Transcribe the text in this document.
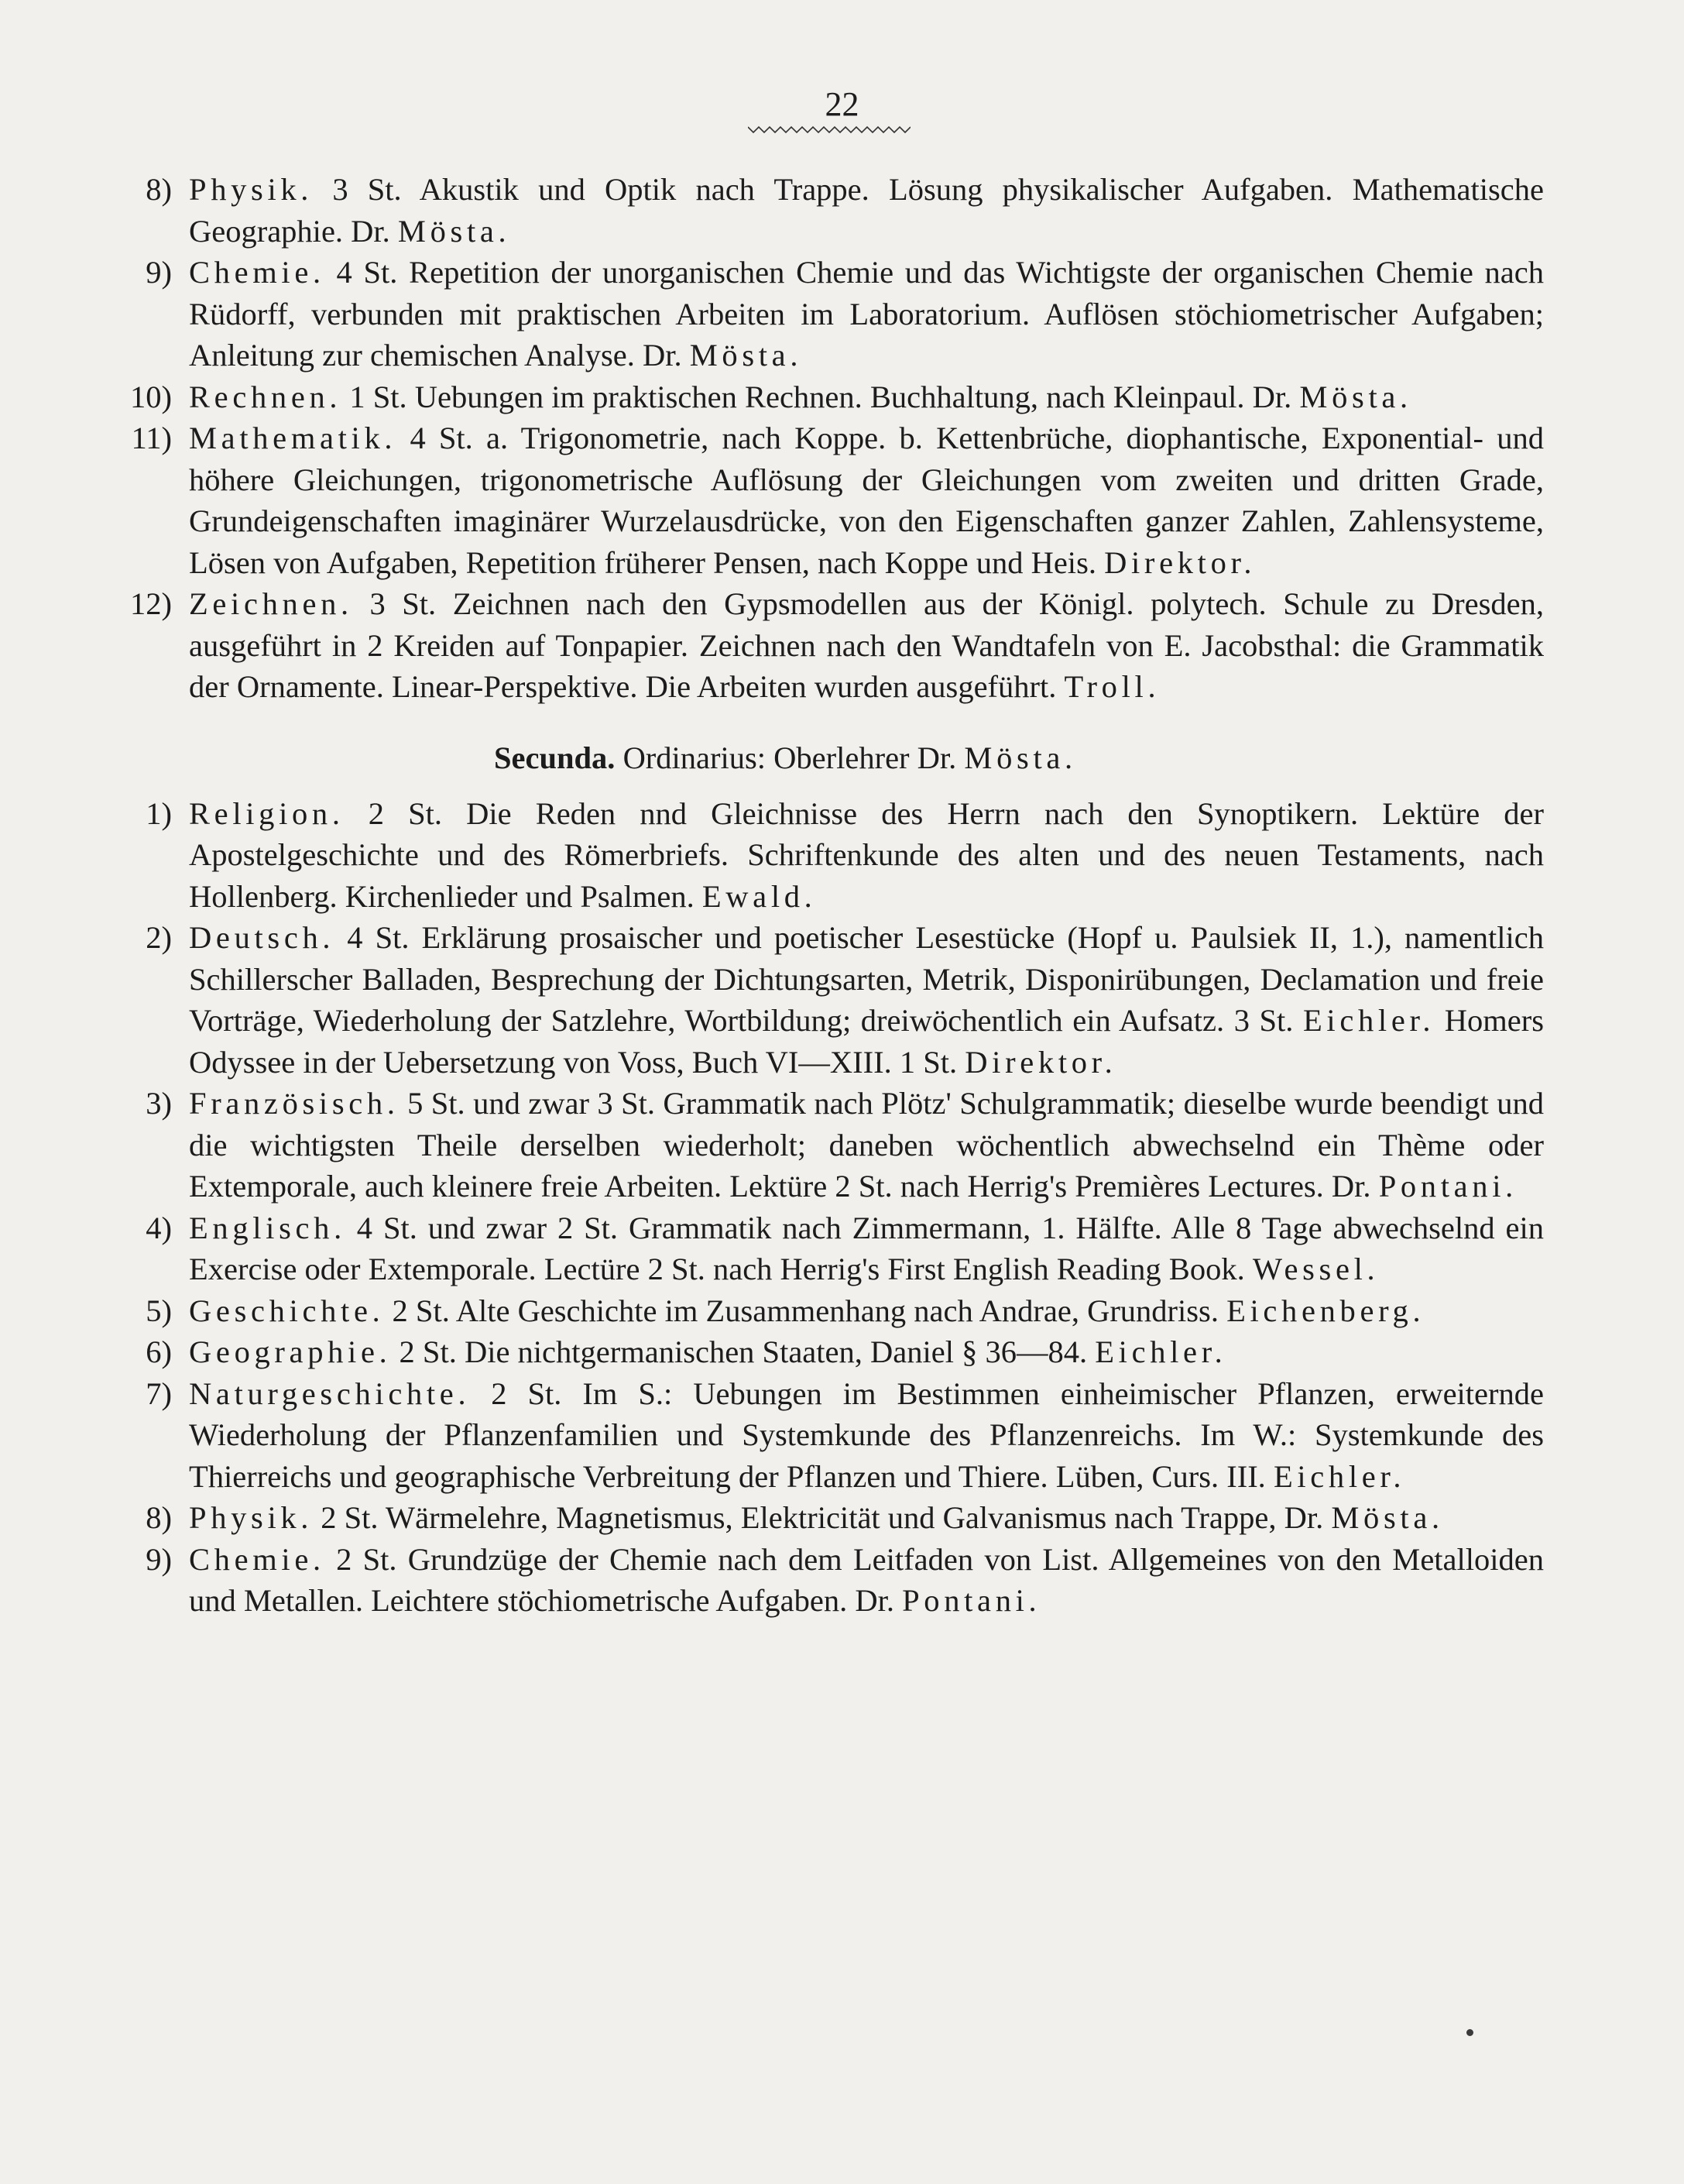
22
8) Physik. 3 St. Akustik und Optik nach Trappe. Lösung physikalischer Aufgaben. Mathematische Geographie. Dr. Mösta.
9) Chemie. 4 St. Repetition der unorganischen Chemie und das Wichtigste der organischen Chemie nach Rüdorff, verbunden mit praktischen Arbeiten im Laboratorium. Auflösen stöchiometrischer Aufgaben; Anleitung zur chemischen Analyse. Dr. Mösta.
10) Rechnen. 1 St. Uebungen im praktischen Rechnen. Buchhaltung, nach Kleinpaul. Dr. Mösta.
11) Mathematik. 4 St. a. Trigonometrie, nach Koppe. b. Kettenbrüche, diophantische, Exponential- und höhere Gleichungen, trigonometrische Auflösung der Gleichungen vom zweiten und dritten Grade, Grundeigenschaften imaginärer Wurzelausdrücke, von den Eigenschaften ganzer Zahlen, Zahlensysteme, Lösen von Aufgaben, Repetition früherer Pensen, nach Koppe und Heis. Direktor.
12) Zeichnen. 3 St. Zeichnen nach den Gypsmodellen aus der Königl. polytech. Schule zu Dresden, ausgeführt in 2 Kreiden auf Tonpapier. Zeichnen nach den Wandtafeln von E. Jacobsthal: die Grammatik der Ornamente. Linear-Perspektive. Die Arbeiten wurden ausgeführt. Troll.
Secunda. Ordinarius: Oberlehrer Dr. Mösta.
1) Religion. 2 St. Die Reden nnd Gleichnisse des Herrn nach den Synoptikern. Lektüre der Apostelgeschichte und des Römerbriefs. Schriftenkunde des alten und des neuen Testaments, nach Hollenberg. Kirchenlieder und Psalmen. Ewald.
2) Deutsch. 4 St. Erklärung prosaischer und poetischer Lesestücke (Hopf u. Paulsiek II, 1.), namentlich Schillerscher Balladen, Besprechung der Dichtungsarten, Metrik, Disponirübungen, Declamation und freie Vorträge, Wiederholung der Satzlehre, Wortbildung; dreiwöchentlich ein Aufsatz. 3 St. Eichler. Homers Odyssee in der Uebersetzung von Voss, Buch VI—XIII. 1 St. Direktor.
3) Französisch. 5 St. und zwar 3 St. Grammatik nach Plötz' Schulgrammatik; dieselbe wurde beendigt und die wichtigsten Theile derselben wiederholt; daneben wöchentlich abwechselnd ein Thème oder Extemporale, auch kleinere freie Arbeiten. Lektüre 2 St. nach Herrig's Premières Lectures. Dr. Pontani.
4) Englisch. 4 St. und zwar 2 St. Grammatik nach Zimmermann, 1. Hälfte. Alle 8 Tage abwechselnd ein Exercise oder Extemporale. Lectüre 2 St. nach Herrig's First English Reading Book. Wessel.
5) Geschichte. 2 St. Alte Geschichte im Zusammenhang nach Andrae, Grundriss. Eichenberg.
6) Geographie. 2 St. Die nichtgermanischen Staaten, Daniel § 36—84. Eichler.
7) Naturgeschichte. 2 St. Im S.: Uebungen im Bestimmen einheimischer Pflanzen, erweiternde Wiederholung der Pflanzenfamilien und Systemkunde des Pflanzenreichs. Im W.: Systemkunde des Thierreichs und geographische Verbreitung der Pflanzen und Thiere. Lüben, Curs. III. Eichler.
8) Physik. 2 St. Wärmelehre, Magnetismus, Elektricität und Galvanismus nach Trappe, Dr. Mösta.
9) Chemie. 2 St. Grundzüge der Chemie nach dem Leitfaden von List. Allgemeines von den Metalloiden und Metallen. Leichtere stöchiometrische Aufgaben. Dr. Pontani.
